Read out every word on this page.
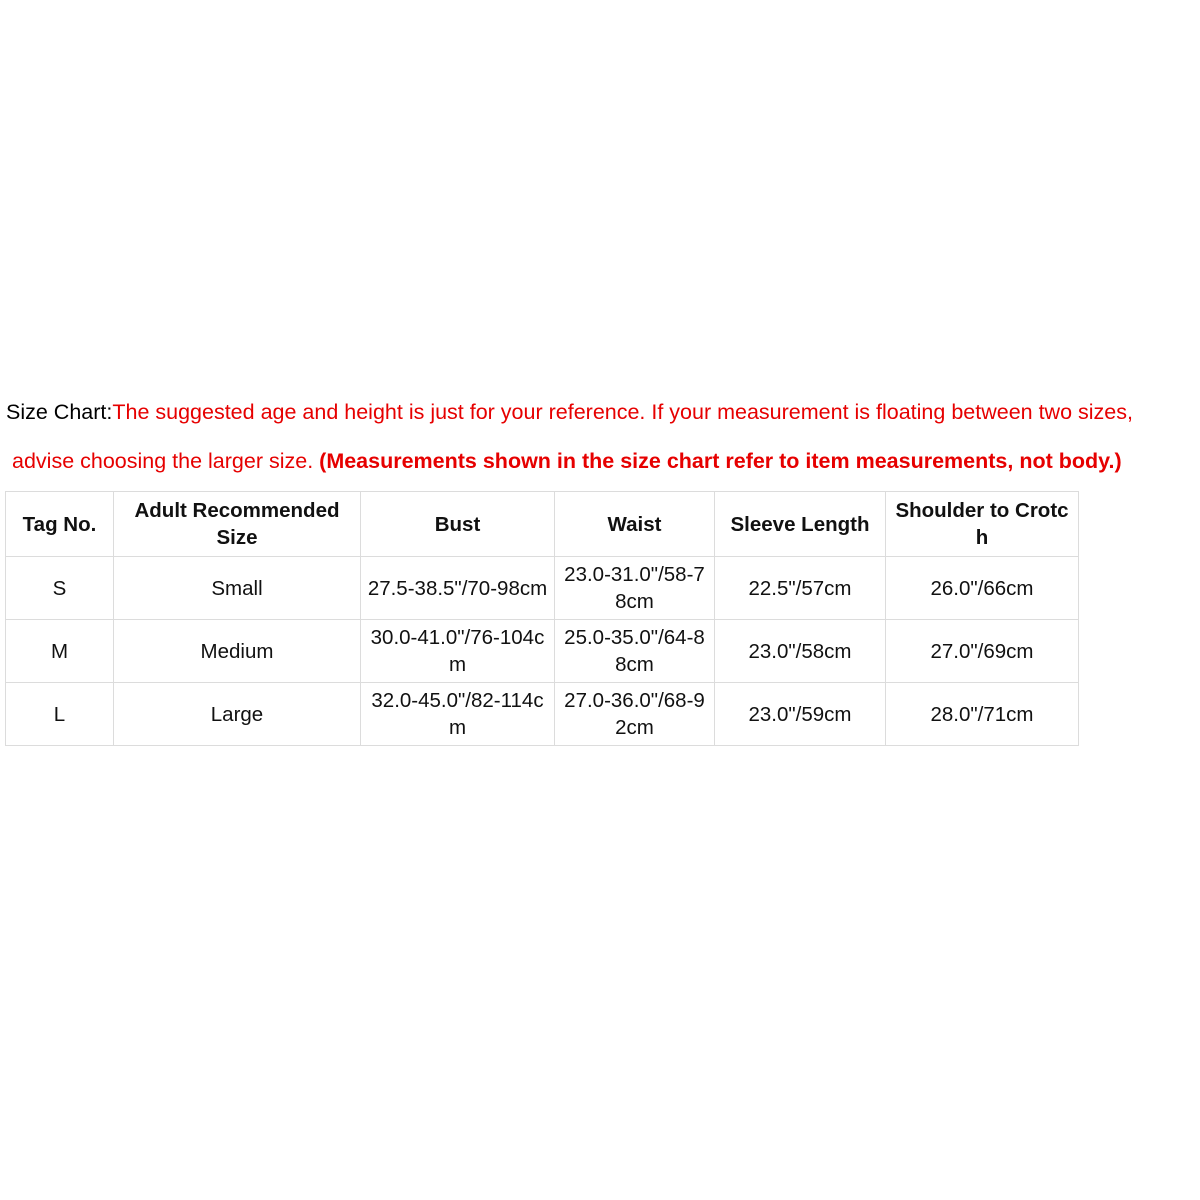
Size Chart:The suggested age and height is just for your reference. If your measurement is floating between two sizes,
advise choosing the larger size. (Measurements shown in the size chart refer to item measurements, not body.)
Tag No.	Adult Recommended Size	Bust	Waist	Sleeve Length	Shoulder to Crotch
S	Small	27.5-38.5"/70-98cm	23.0-31.0"/58-78cm	22.5"/57cm	26.0"/66cm
M	Medium	30.0-41.0"/76-104cm	25.0-35.0"/64-88cm	23.0"/58cm	27.0"/69cm
L	Large	32.0-45.0"/82-114cm	27.0-36.0"/68-92cm	23.0"/59cm	28.0"/71cm
